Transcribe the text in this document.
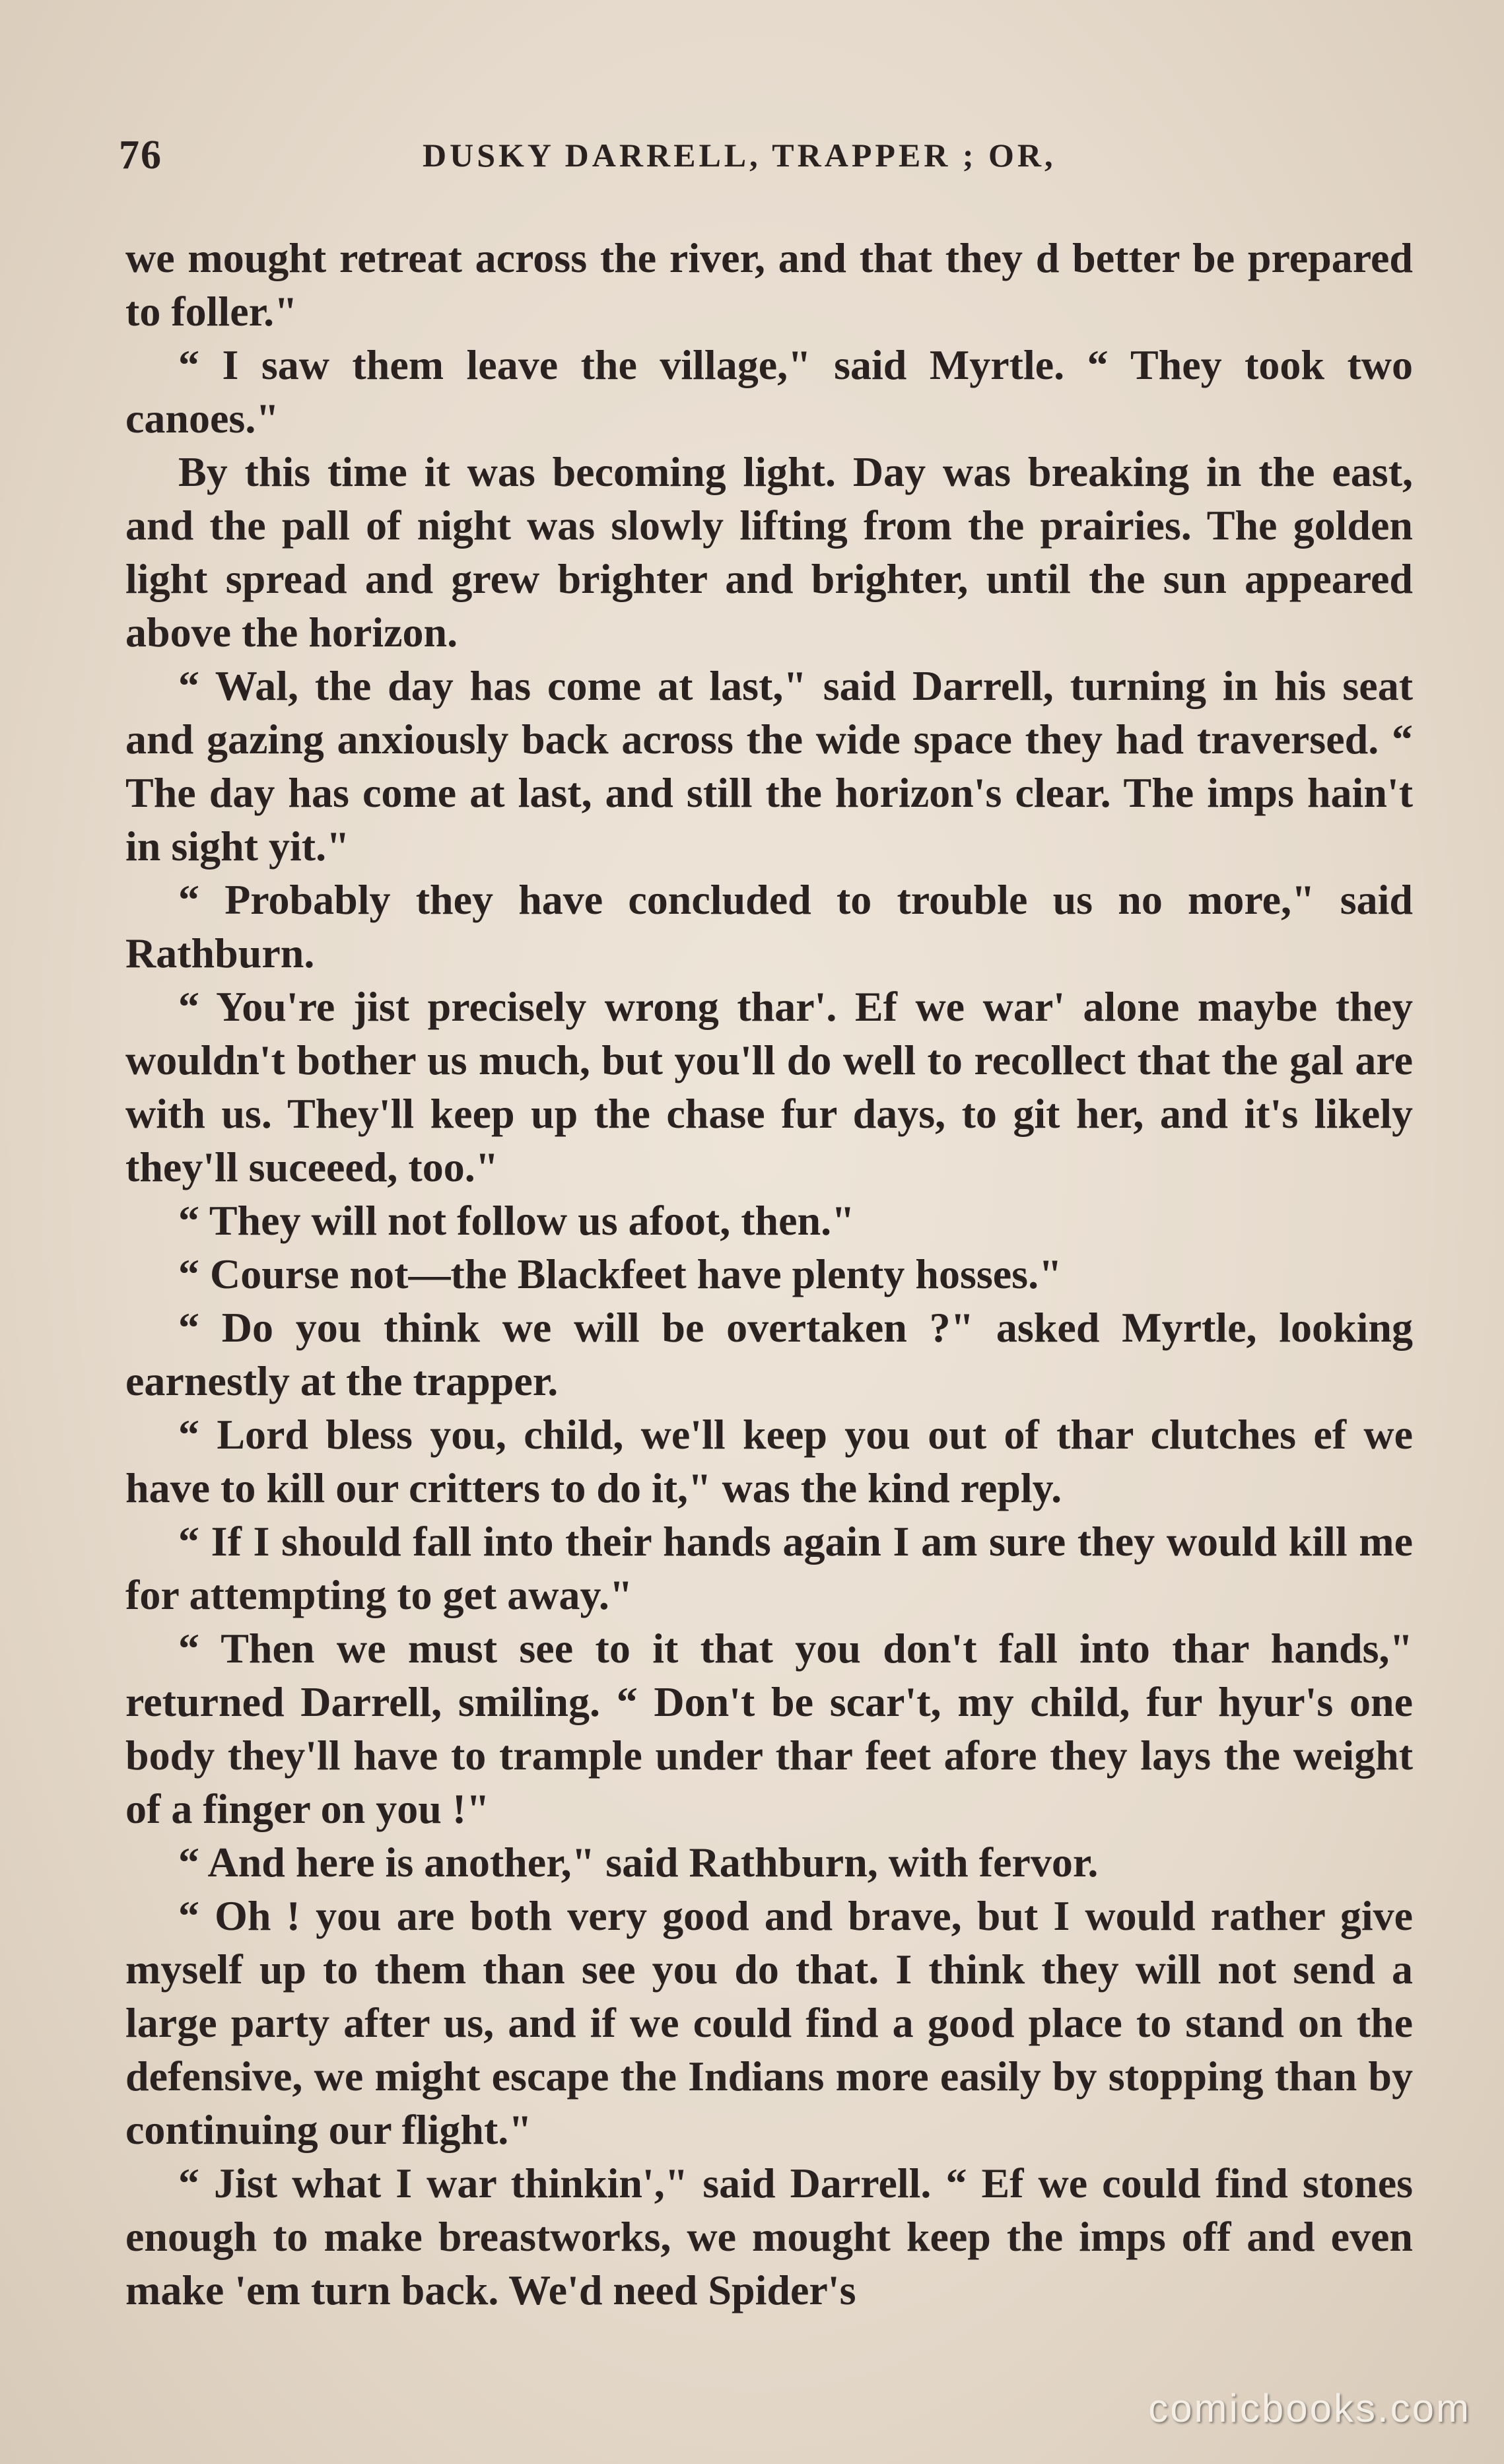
76	DUSKY DARRELL, TRAPPER ; OR,

we mought retreat across the river, and that they d better be prepared to foller."

“ I saw them leave the village," said Myrtle. “ They took two canoes."

By this time it was becoming light. Day was breaking in the east, and the pall of night was slowly lifting from the prairies. The golden light spread and grew brighter and brighter, until the sun appeared above the horizon.

“ Wal, the day has come at last," said Darrell, turning in his seat and gazing anxiously back across the wide space they had traversed. “ The day has come at last, and still the horizon's clear. The imps hain't in sight yit."

“ Probably they have concluded to trouble us no more," said Rathburn.

“ You're jist precisely wrong thar'. Ef we war' alone maybe they wouldn't bother us much, but you'll do well to recollect that the gal are with us. They'll keep up the chase fur days, to git her, and it's likely they'll suceeed, too."

“ They will not follow us afoot, then."

“ Course not—the Blackfeet have plenty hosses."

“ Do you think we will be overtaken ?" asked Myrtle, looking earnestly at the trapper.

“ Lord bless you, child, we'll keep you out of thar clutches ef we have to kill our critters to do it," was the kind reply.

“ If I should fall into their hands again I am sure they would kill me for attempting to get away."

“ Then we must see to it that you don't fall into thar hands," returned Darrell, smiling. “ Don't be scar't, my child, fur hyur's one body they'll have to trample under thar feet afore they lays the weight of a finger on you !"

“ And here is another," said Rathburn, with fervor.

“ Oh ! you are both very good and brave, but I would rather give myself up to them than see you do that. I think they will not send a large party after us, and if we could find a good place to stand on the defensive, we might escape the Indians more easily by stopping than by continuing our flight."

“ Jist what I war thinkin'," said Darrell. “ Ef we could find stones enough to make breastworks, we mought keep the imps off and even make 'em turn back. We'd need Spider's

comicbooks.com
